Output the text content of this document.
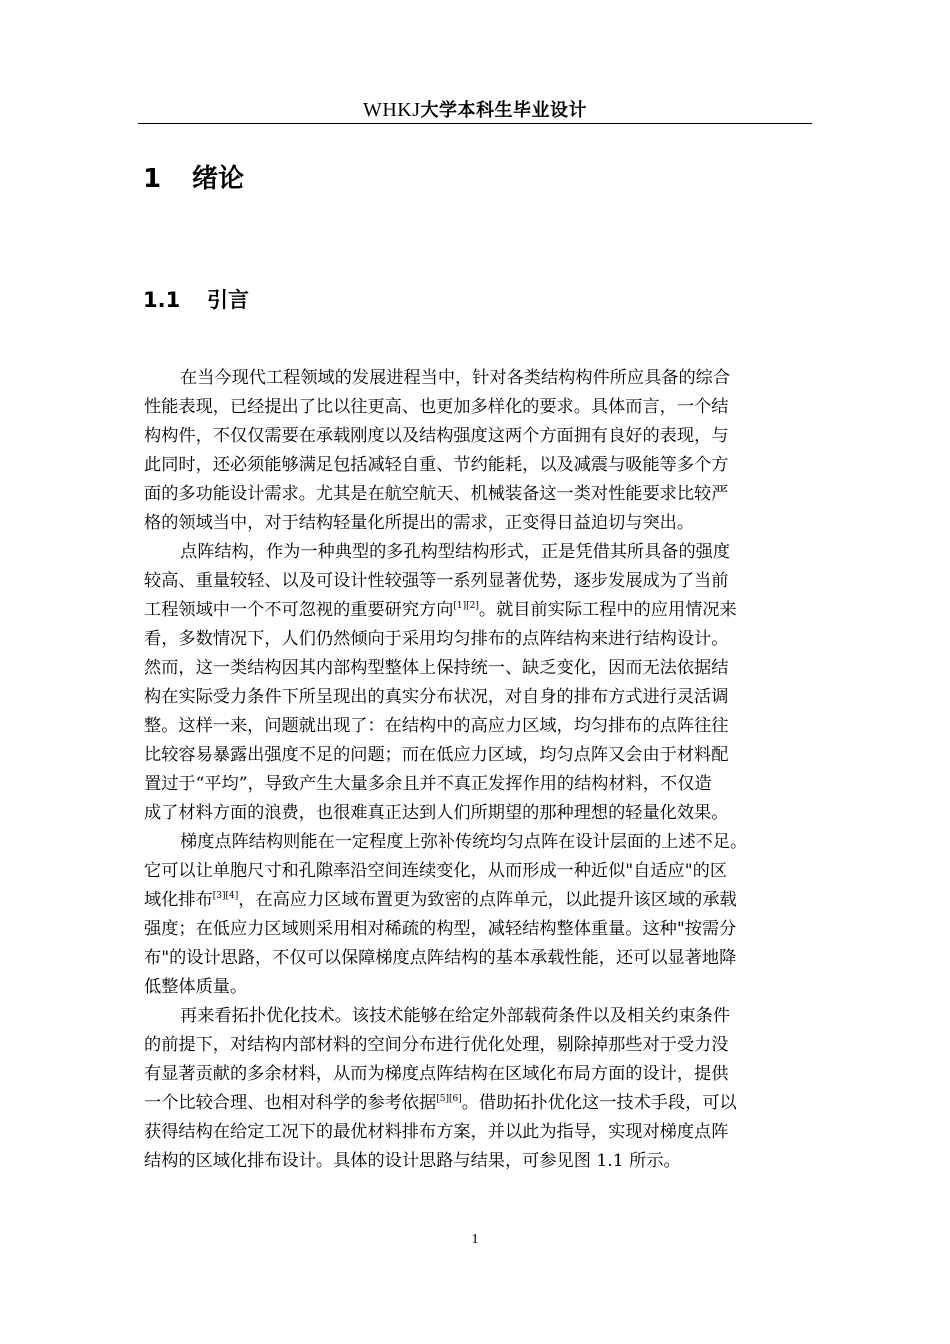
WHKJ大学本科生毕业设计
1 绪论
1.1 引言
在当今现代工程领域的发展进程当中，针对各类结构构件所应具备的综合
性能表现，已经提出了比以往更高、也更加多样化的要求。具体而言，一个结
构构件，不仅仅需要在承载刚度以及结构强度这两个方面拥有良好的表现，与
此同时，还必须能够满足包括减轻自重、节约能耗，以及减震与吸能等多个方
面的多功能设计需求。尤其是在航空航天、机械装备这一类对性能要求比较严
格的领域当中，对于结构轻量化所提出的需求，正变得日益迫切与突出。
点阵结构，作为一种典型的多孔构型结构形式，正是凭借其所具备的强度
较高、重量较轻、以及可设计性较强等一系列显著优势，逐步发展成为了当前
工程领域中一个不可忽视的重要研究方向[1][2]。就目前实际工程中的应用情况来
看，多数情况下，人们仍然倾向于采用均匀排布的点阵结构来进行结构设计。
然而，这一类结构因其内部构型整体上保持统一、缺乏变化，因而无法依据结
构在实际受力条件下所呈现出的真实分布状况，对自身的排布方式进行灵活调
整。这样一来，问题就出现了：在结构中的高应力区域，均匀排布的点阵往往
比较容易暴露出强度不足的问题；而在低应力区域，均匀点阵又会由于材料配
置过于“平均”，导致产生大量多余且并不真正发挥作用的结构材料，不仅造
成了材料方面的浪费，也很难真正达到人们所期望的那种理想的轻量化效果。
梯度点阵结构则能在一定程度上弥补传统均匀点阵在设计层面的上述不足。
它可以让单胞尺寸和孔隙率沿空间连续变化，从而形成一种近似"自适应"的区
域化排布[3][4]，在高应力区域布置更为致密的点阵单元，以此提升该区域的承载
强度；在低应力区域则采用相对稀疏的构型，减轻结构整体重量。这种"按需分
布"的设计思路，不仅可以保障梯度点阵结构的基本承载性能，还可以显著地降
低整体质量。
再来看拓扑优化技术。该技术能够在给定外部载荷条件以及相关约束条件
的前提下，对结构内部材料的空间分布进行优化处理，剔除掉那些对于受力没
有显著贡献的多余材料，从而为梯度点阵结构在区域化布局方面的设计，提供
一个比较合理、也相对科学的参考依据[5][6]。借助拓扑优化这一技术手段，可以
获得结构在给定工况下的最优材料排布方案，并以此为指导，实现对梯度点阵
结构的区域化排布设计。具体的设计思路与结果，可参见图 1.1 所示。
1
